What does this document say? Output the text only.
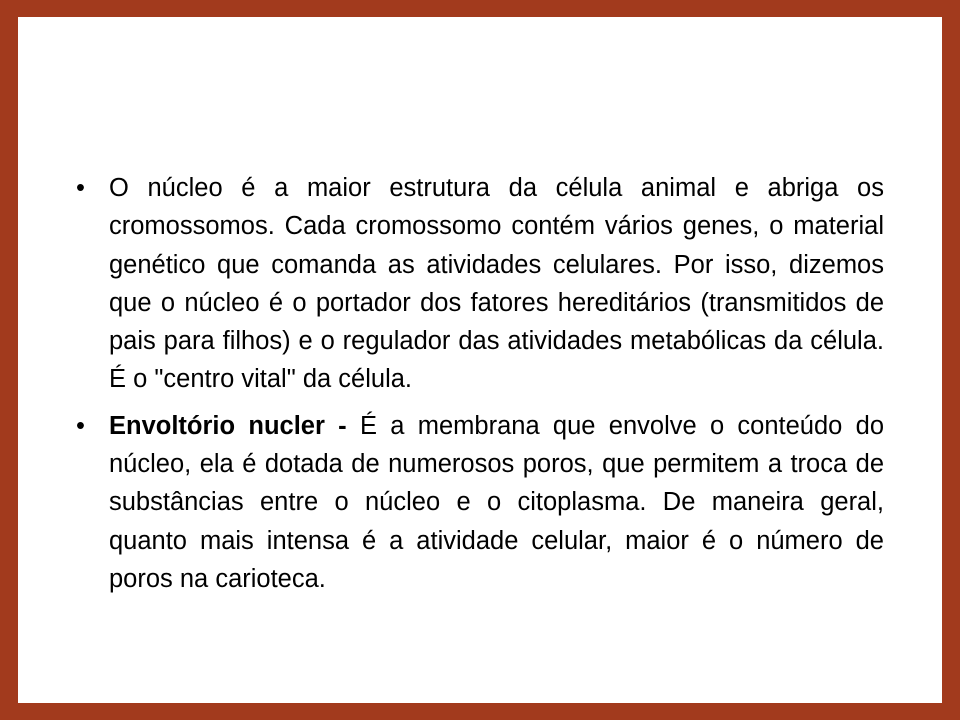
• O núcleo é a maior estrutura da célula animal e abriga os cromossomos. Cada cromossomo contém vários genes, o material genético que comanda as atividades celulares. Por isso, dizemos que o núcleo é o portador dos fatores hereditários (transmitidos de pais para filhos) e o regulador das atividades metabólicas da célula. É o "centro vital" da célula.
• Envoltório nucler - É a membrana que envolve o conteúdo do núcleo, ela é dotada de numerosos poros, que permitem a troca de substâncias entre o núcleo e o citoplasma. De maneira geral, quanto mais intensa é a atividade celular, maior é o número de poros na carioteca.
